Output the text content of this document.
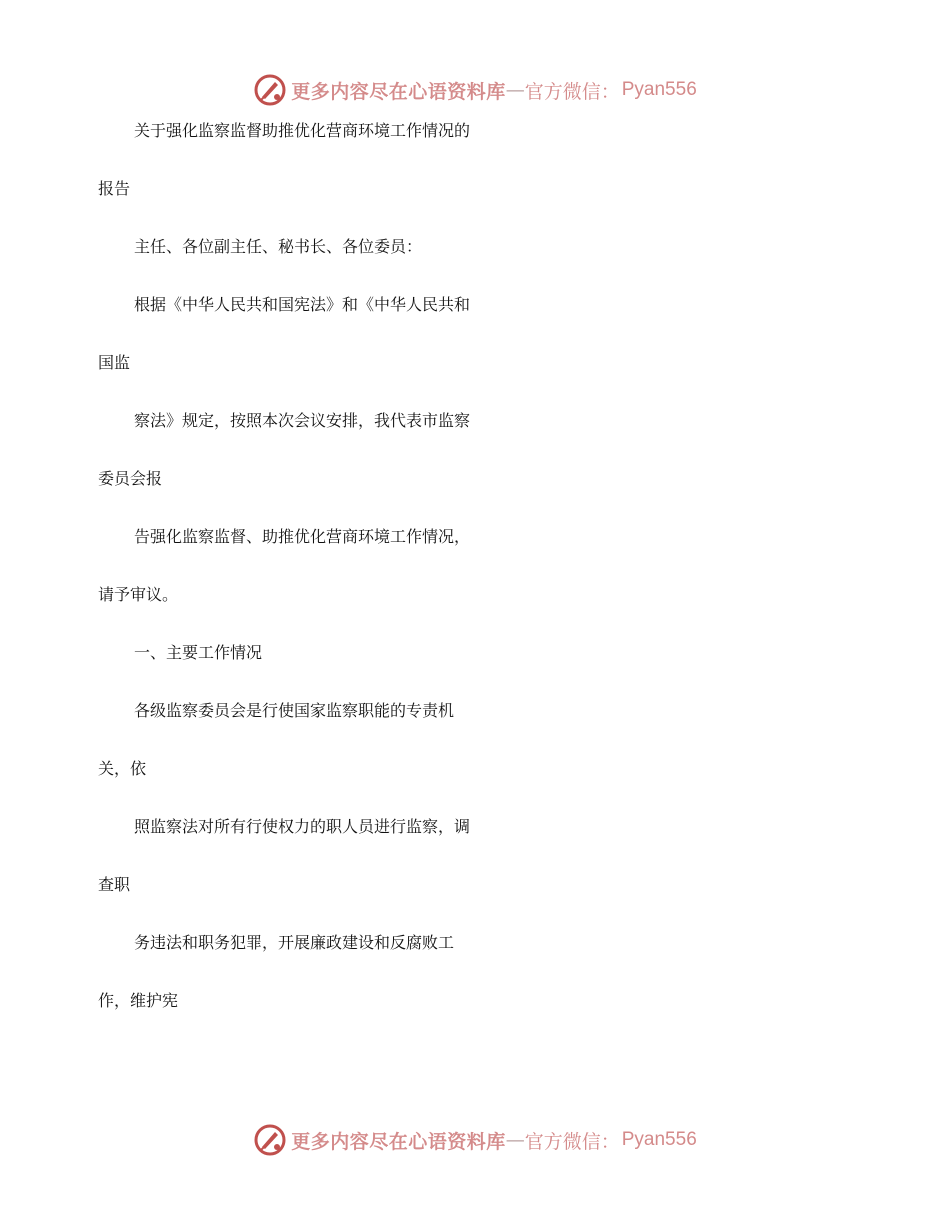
更多内容尽在心语资料库 — 官方微信： Pyan556
关于强化监察监督助推优化营商环境工作情况的
报告
主任、各位副主任、秘书长、各位委员：
根据《中华人民共和国宪法》和《中华人民共和
国监
察法》规定，按照本次会议安排，我代表市监察
委员会报
告强化监察监督、助推优化营商环境工作情况，
请予审议。
一、主要工作情况
各级监察委员会是行使国家监察职能的专责机
关，依
照监察法对所有行使权力的职人员进行监察，调
查职
务违法和职务犯罪，开展廉政建设和反腐败工
作，维护宪
更多内容尽在心语资料库 — 官方微信： Pyan556
